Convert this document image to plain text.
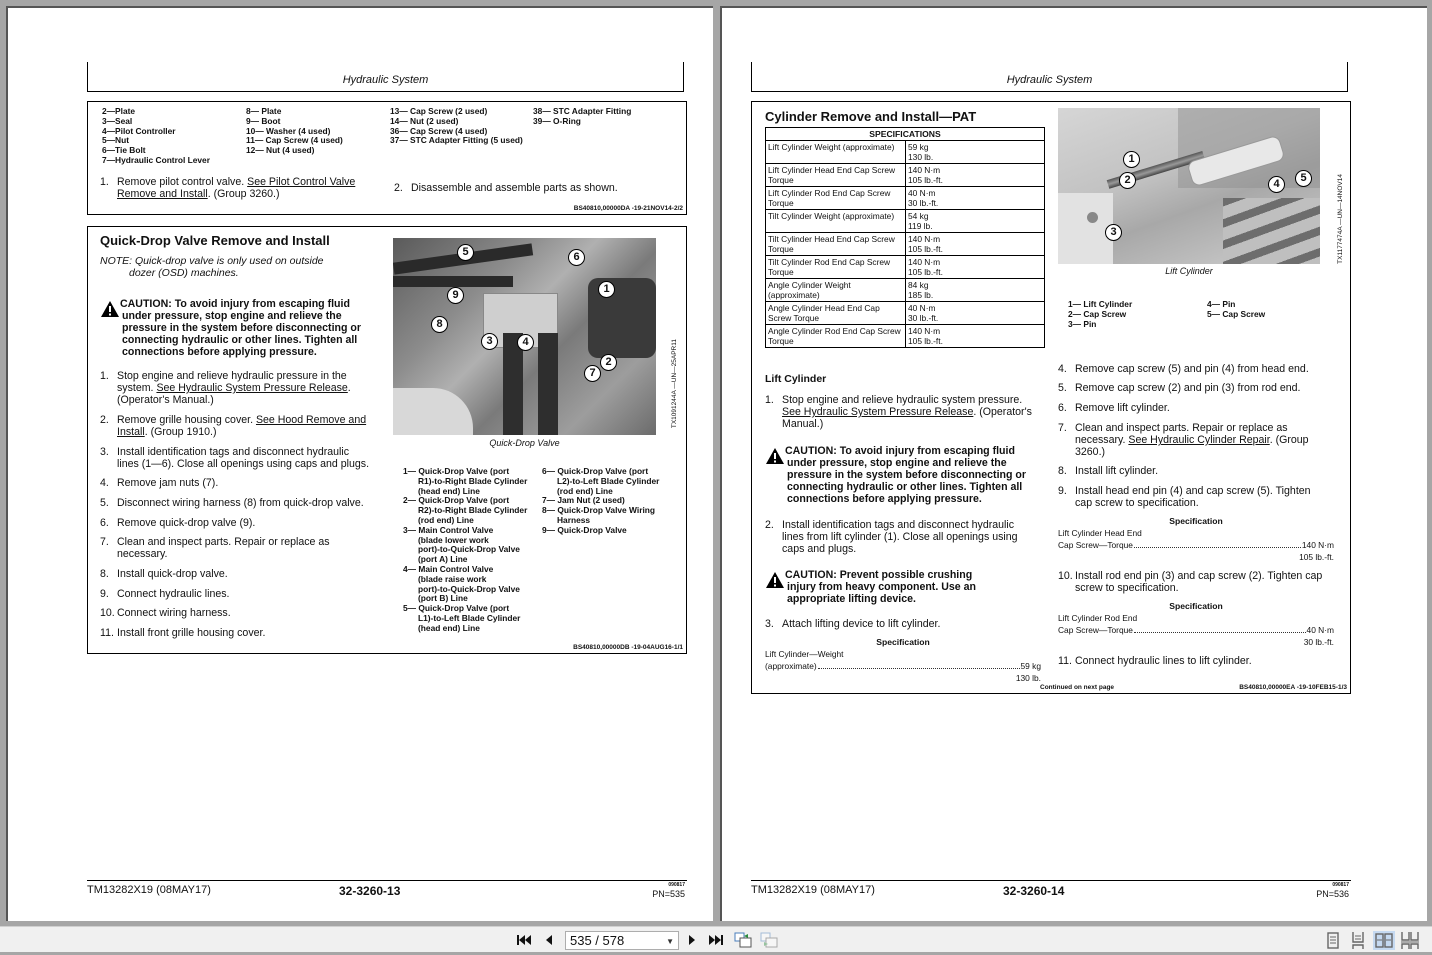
Hydraulic System
2—Plate
3—Seal
4—Pilot Controller
5—Nut
6—Tie Bolt
7—Hydraulic Control Lever
8— Plate
9— Boot
10— Washer (4 used)
11— Cap Screw (4 used)
12— Nut (4 used)
13— Cap Screw (2 used)
14— Nut (2 used)
36— Cap Screw (4 used)
37— STC Adapter Fitting (5 used)
38— STC Adapter Fitting
39— O-Ring
1. Remove pilot control valve. See Pilot Control Valve
Remove and Install. (Group 3260.)	2. Disassemble and assemble parts as shown.
BS40810,00000DA -19-21NOV14-2/2
Quick-Drop Valve Remove and Install
NOTE: Quick-drop valve is only used on outside
dozer (OSD) machines.
CAUTION: To avoid injury from escaping fluid
under pressure, stop engine and relieve the
pressure in the system before disconnecting or
connecting hydraulic or other lines. Tighten all
connections before applying pressure.
1. Stop engine and relieve hydraulic pressure in the
system. See Hydraulic System Pressure Release.
(Operator's Manual.)
2. Remove grille housing cover. See Hood Remove and
Install. (Group 1910.)
3. Install identification tags and disconnect hydraulic
lines (1—6). Close all openings using caps and plugs.
4. Remove jam nuts (7).
5. Disconnect wiring harness (8) from quick-drop valve.
6. Remove quick-drop valve (9).
7. Clean and inspect parts. Repair or replace as
necessary.
8. Install quick-drop valve.
9. Connect hydraulic lines.
10. Connect wiring harness.
11. Install front grille housing cover.
5	6
9	1
8
3	4
2
7
Quick-Drop Valve
TX1091244A —UN—25APR11
1— Quick-Drop Valve (port
R1)-to-Right Blade Cylinder
(head end) Line
2— Quick-Drop Valve (port
R2)-to-Right Blade Cylinder
(rod end) Line
3— Main Control Valve
(blade lower work
port)-to-Quick-Drop Valve
(port A) Line
4— Main Control Valve
(blade raise work
port)-to-Quick-Drop Valve
(port B) Line
5— Quick-Drop Valve (port
L1)-to-Left Blade Cylinder
(head end) Line
6— Quick-Drop Valve (port
L2)-to-Left Blade Cylinder
(rod end) Line
7— Jam Nut (2 used)
8— Quick-Drop Valve Wiring
Harness
9— Quick-Drop Valve
BS40810,00000DB -19-04AUG16-1/1
TM13282X19 (08MAY17)	32-3260-13	090817
PN=535
Hydraulic System
Cylinder Remove and Install—PAT
SPECIFICATIONS	
Lift Cylinder Weight (approximate)	59 kg
130 lb.

Lift Cylinder Head End Cap Screw Torque	140 N·m
105 lb.-ft.

Lift Cylinder Rod End Cap Screw Torque	40 N·m
30 lb.-ft.

Tilt Cylinder Weight (approximate)	54 kg
119 lb.

Tilt Cylinder Head End Cap Screw Torque	140 N·m
105 lb.-ft.

Tilt Cylinder Rod End Cap Screw Torque	140 N·m
105 lb.-ft.

Angle Cylinder Weight (approximate)	84 kg
185 lb.

Angle Cylinder Head End Cap Screw Torque	40 N·m
30 lb.-ft.

Angle Cylinder Rod End Cap Screw Torque	140 N·m
105 lb.-ft.
Lift Cylinder
1. Stop engine and relieve hydraulic system pressure.
See Hydraulic System Pressure Release. (Operator's
Manual.)
CAUTION: To avoid injury from escaping fluid
under pressure, stop engine and relieve the
pressure in the system before disconnecting or
connecting hydraulic or other lines. Tighten all
connections before applying pressure.
2. Install identification tags and disconnect hydraulic
lines from lift cylinder (1). Close all openings using
caps and plugs.
CAUTION: Prevent possible crushing
injury from heavy component. Use an
appropriate lifting device.
3. Attach lifting device to lift cylinder.
Specification
Lift Cylinder—Weight
(approximate)	59 kg
130 lb.
1
2
3
4	5
Lift Cylinder
TX1177474A —UN—14NOV14
1— Lift Cylinder
2— Cap Screw
3— Pin
4— Pin
5— Cap Screw
4. Remove cap screw (5) and pin (4) from head end.
5. Remove cap screw (2) and pin (3) from rod end.
6. Remove lift cylinder.
7. Clean and inspect parts. Repair or replace as
necessary. See Hydraulic Cylinder Repair. (Group
3260.)
8. Install lift cylinder.
9. Install head end pin (4) and cap screw (5). Tighten
cap screw to specification.
Specification
Lift Cylinder Head End
Cap Screw—Torque	140 N·m
105 lb.-ft.
10. Install rod end pin (3) and cap screw (2). Tighten cap
screw to specification.
Specification
Lift Cylinder Rod End
Cap Screw—Torque	40 N·m
30 lb.-ft.
11. Connect hydraulic lines to lift cylinder.
Continued on next page	BS40810,00000EA -19-10FEB15-1/3
TM13282X19 (08MAY17)	32-3260-14	090817
PN=536
535 / 578	▼
